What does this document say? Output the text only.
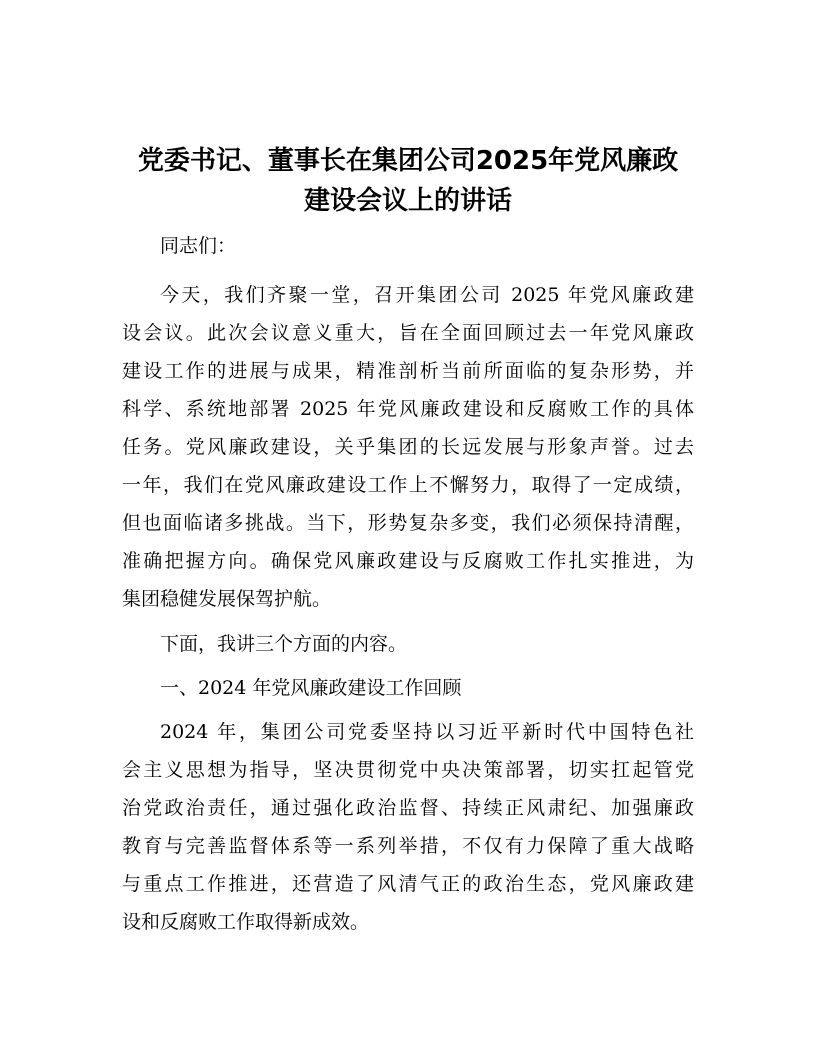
党委书记、董事长在集团公司2025年党风廉政
建设会议上的讲话
同志们：
今天，我们齐聚一堂，召开集团公司 2025 年党风廉政建
设会议。此次会议意义重大，旨在全面回顾过去一年党风廉政
建设工作的进展与成果，精准剖析当前所面临的复杂形势，并
科学、系统地部署 2025 年党风廉政建设和反腐败工作的具体
任务。党风廉政建设，关乎集团的长远发展与形象声誉。过去
一年，我们在党风廉政建设工作上不懈努力，取得了一定成绩，
但也面临诸多挑战。当下，形势复杂多变，我们必须保持清醒，
准确把握方向。确保党风廉政建设与反腐败工作扎实推进，为
集团稳健发展保驾护航。
下面，我讲三个方面的内容。
一、2024 年党风廉政建设工作回顾
2024 年，集团公司党委坚持以习近平新时代中国特色社
会主义思想为指导，坚决贯彻党中央决策部署，切实扛起管党
治党政治责任，通过强化政治监督、持续正风肃纪、加强廉政
教育与完善监督体系等一系列举措，不仅有力保障了重大战略
与重点工作推进，还营造了风清气正的政治生态，党风廉政建
设和反腐败工作取得新成效。
